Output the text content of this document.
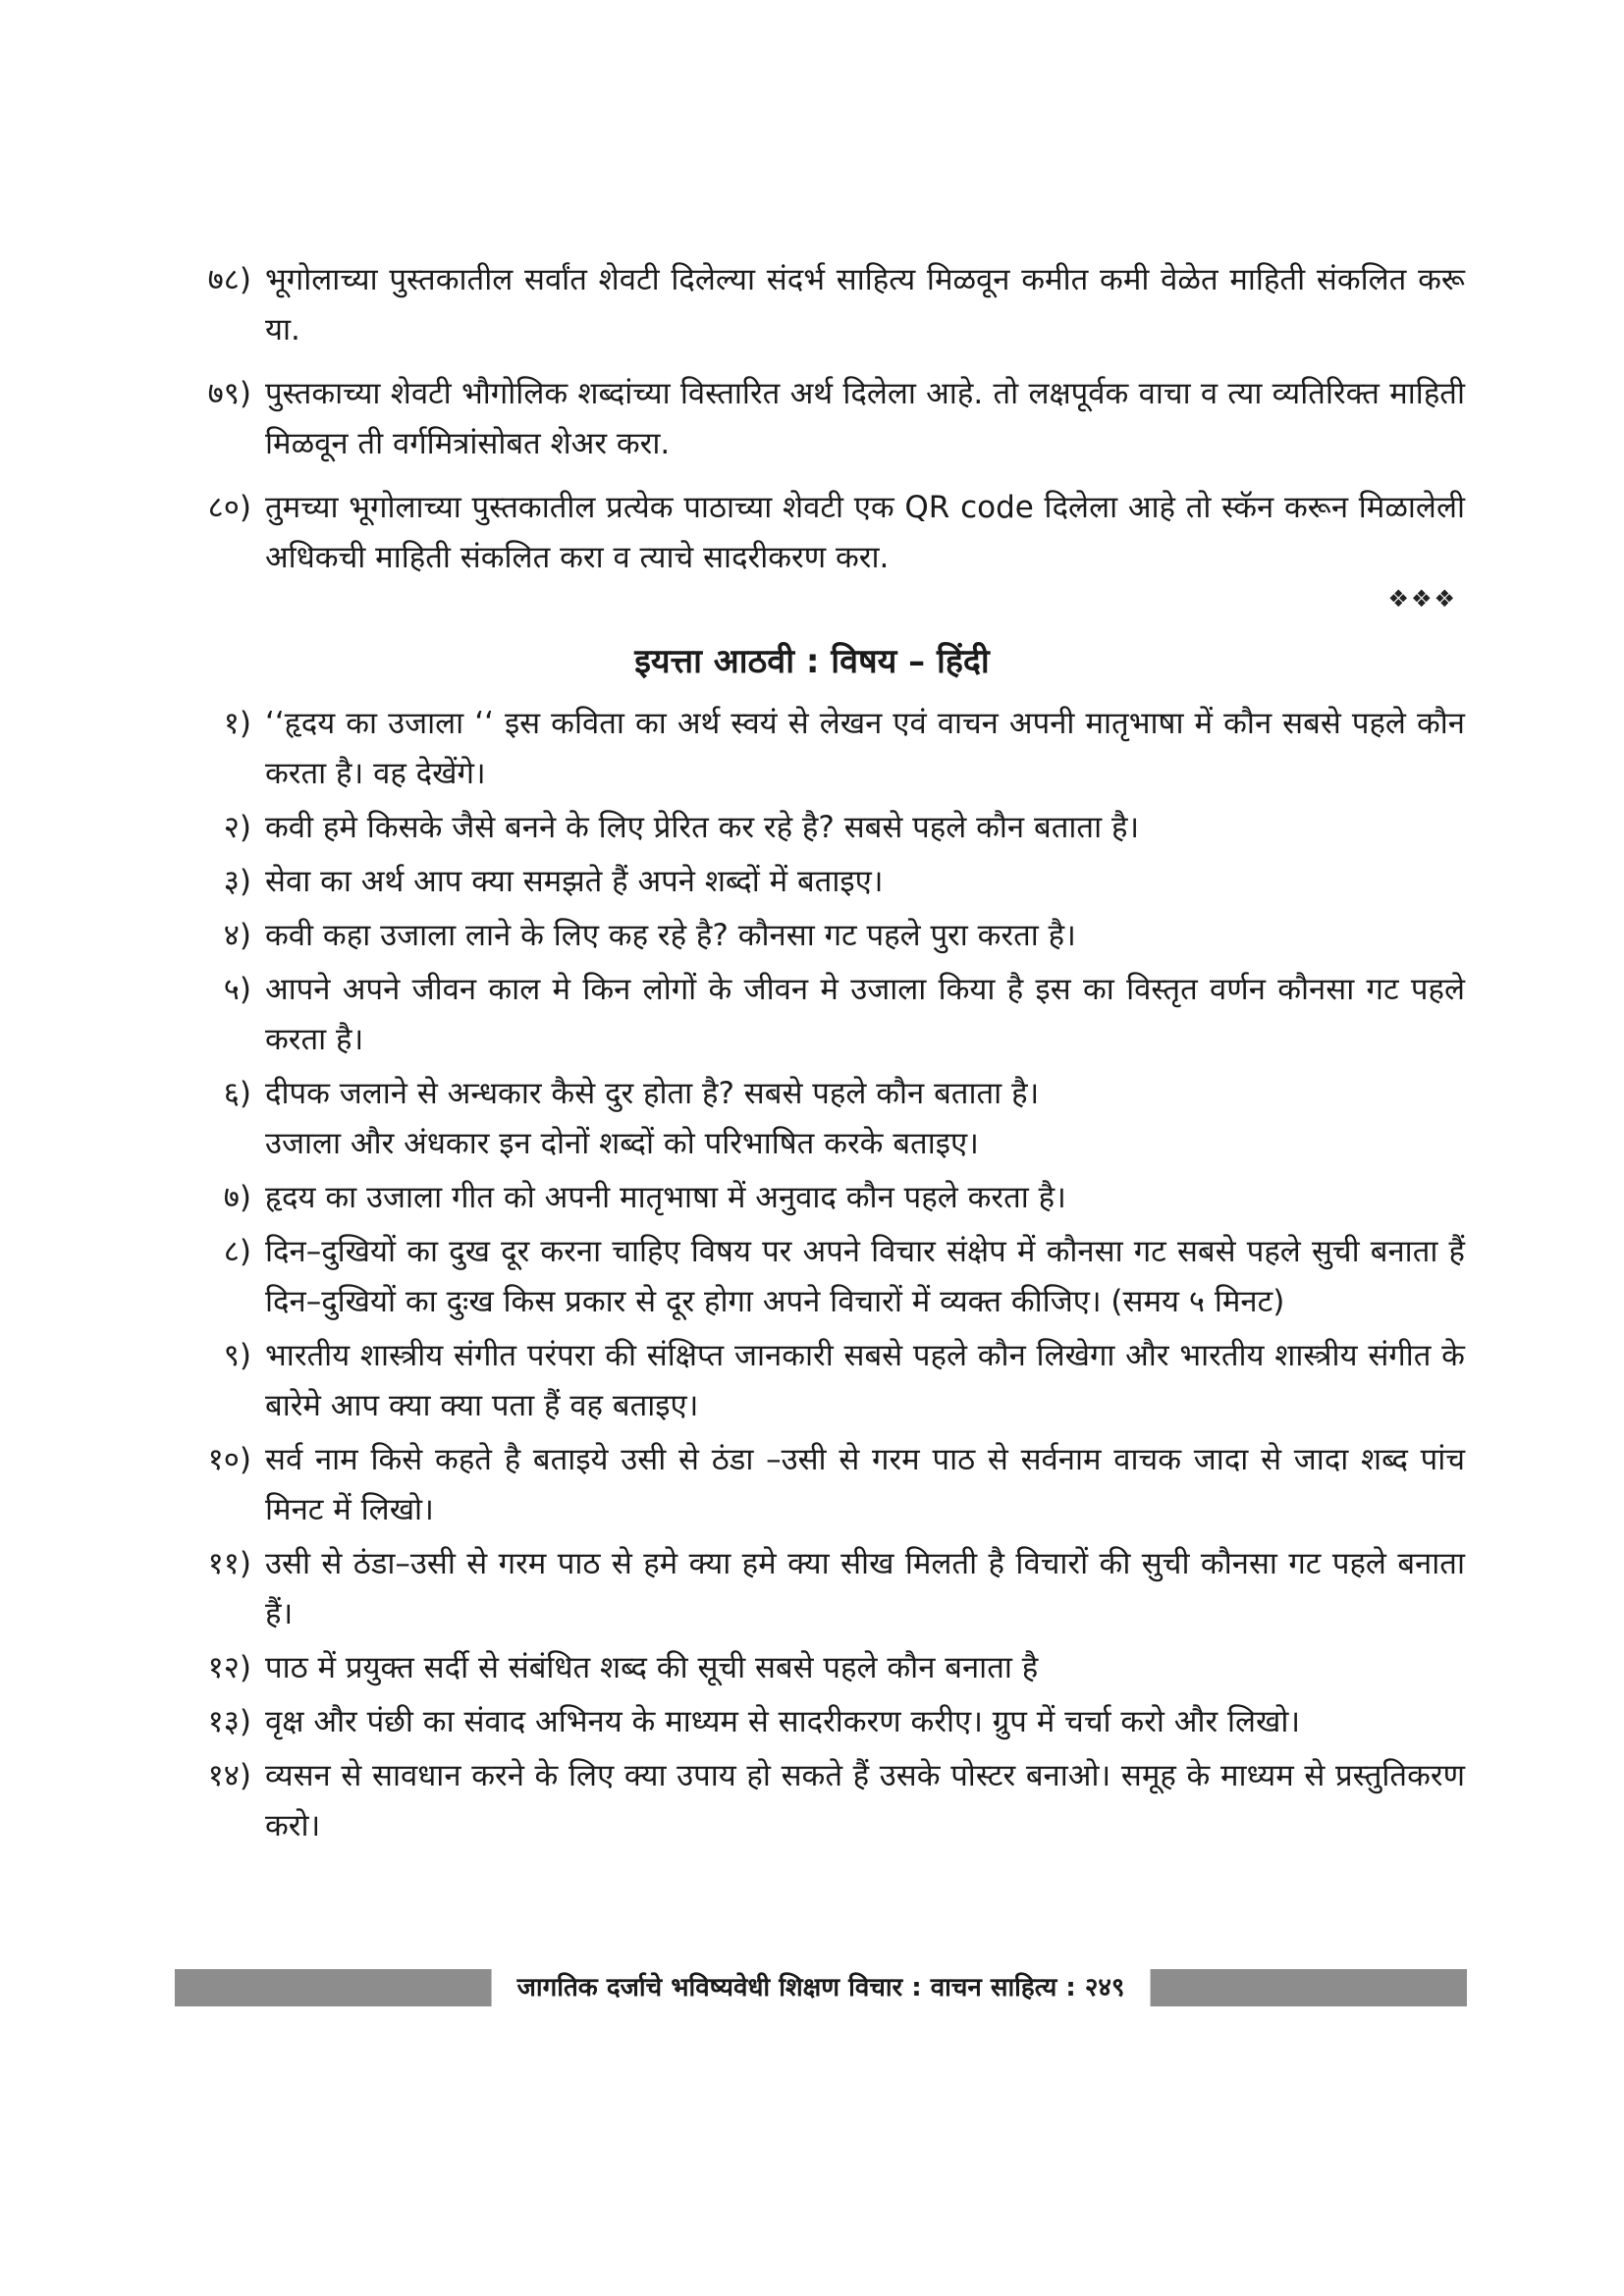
७८) भूगोलाच्या पुस्तकातील सर्वांत शेवटी दिलेल्या संदर्भ साहित्य मिळवून कमीत कमी वेळेत माहिती संकलित करू या.
७९) पुस्तकाच्या शेवटी भौगोलिक शब्दांच्या विस्तारित अर्थ दिलेला आहे. तो लक्षपूर्वक वाचा व त्या व्यतिरिक्त माहिती मिळवून ती वर्गमित्रांसोबत शेअर करा.
८०) तुमच्या भूगोलाच्या पुस्तकातील प्रत्येक पाठाच्या शेवटी एक QR code दिलेला आहे तो स्कॅन करून मिळालेली अधिकची माहिती संकलित करा व त्याचे सादरीकरण करा.
❖❖❖
इयत्ता आठवी : विषय – हिंदी
१) ‘‘हृदय का उजाला ‘‘ इस कविता का अर्थ स्वयं से लेखन एवं वाचन अपनी मातृभाषा में कौन सबसे पहले कौन करता है। वह देखेंगे।
२) कवी हमे किसके जैसे बनने के लिए प्रेरित कर रहे है? सबसे पहले कौन बताता है।
३) सेवा का अर्थ आप क्या समझते हैं अपने शब्दों में बताइए।
४) कवी कहा उजाला लाने के लिए कह रहे है? कौनसा गट पहले पुरा करता है।
५) आपने अपने जीवन काल मे किन लोगों के जीवन मे उजाला किया है इस का विस्तृत वर्णन कौनसा गट पहले करता है।
६) दीपक जलाने से अन्धकार कैसे दुर होता है? सबसे पहले कौन बताता है।
उजाला और अंधकार इन दोनों शब्दों को परिभाषित करके बताइए।
७) हृदय का उजाला गीत को अपनी मातृभाषा में अनुवाद कौन पहले करता है।
८) दिन–दुखियों का दुख दूर करना चाहिए विषय पर अपने विचार संक्षेप में कौनसा गट सबसे पहले सुची बनाता हैं दिन–दुखियों का दुःख किस प्रकार से दूर होगा अपने विचारों में व्यक्त कीजिए। (समय ५ मिनट)
९) भारतीय शास्त्रीय संगीत परंपरा की संक्षिप्त जानकारी सबसे पहले कौन लिखेगा और भारतीय शास्त्रीय संगीत के बारेमे आप क्या क्या पता हैं वह बताइए।
१०) सर्व नाम किसे कहते है बताइये उसी से ठंडा –उसी से गरम पाठ से सर्वनाम वाचक जादा से जादा शब्द पांच मिनट में लिखो।
११) उसी से ठंडा–उसी से गरम पाठ से हमे क्या हमे क्या सीख मिलती है विचारों की सुची कौनसा गट पहले बनाता हैं।
१२) पाठ में प्रयुक्त सर्दी से संबंधित शब्द की सूची सबसे पहले कौन बनाता है
१३) वृक्ष और पंछी का संवाद अभिनय के माध्यम से सादरीकरण करीए। ग्रुप में चर्चा करो और लिखो।
१४) व्यसन से सावधान करने के लिए क्या उपाय हो सकते हैं उसके पोस्टर बनाओ। समूह के माध्यम से प्रस्तुतिकरण करो।
जागतिक दर्जाचे भविष्यवेधी शिक्षण विचार : वाचन साहित्य : २४९
